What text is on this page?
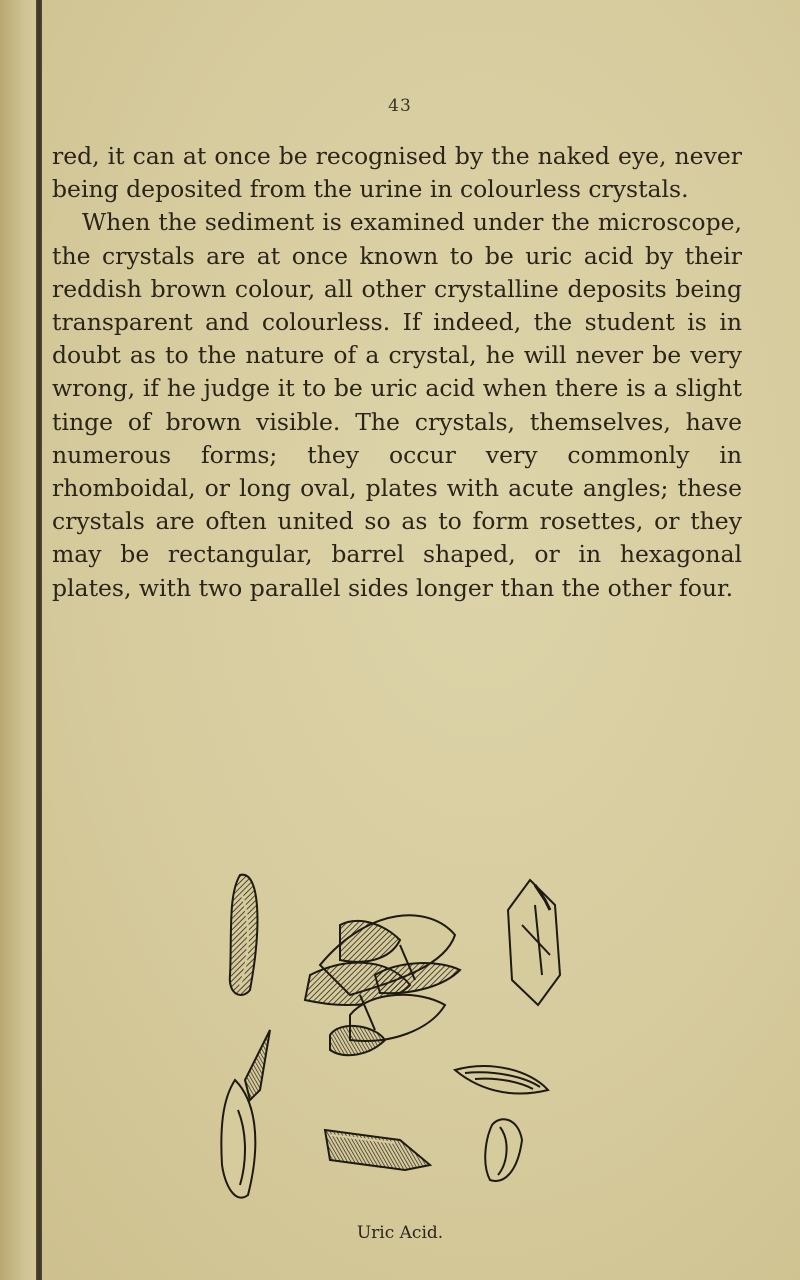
43

red, it can at once be recognised by the naked eye, never being deposited from the urine in colourless crystals.

When the sediment is examined under the microscope, the crystals are at once known to be uric acid by their reddish brown colour, all other crystalline deposits being transparent and colourless. If indeed, the student is in doubt as to the nature of a crystal, he will never be very wrong, if he judge it to be uric acid when there is a slight tinge of brown visible. The crystals, themselves, have numerous forms; they occur very commonly in rhomboidal, or long oval, plates with acute angles; these crystals are often united so as to form rosettes, or they may be rectangular, barrel shaped, or in hexagonal plates, with two parallel sides longer than the other four.

Uric Acid.
